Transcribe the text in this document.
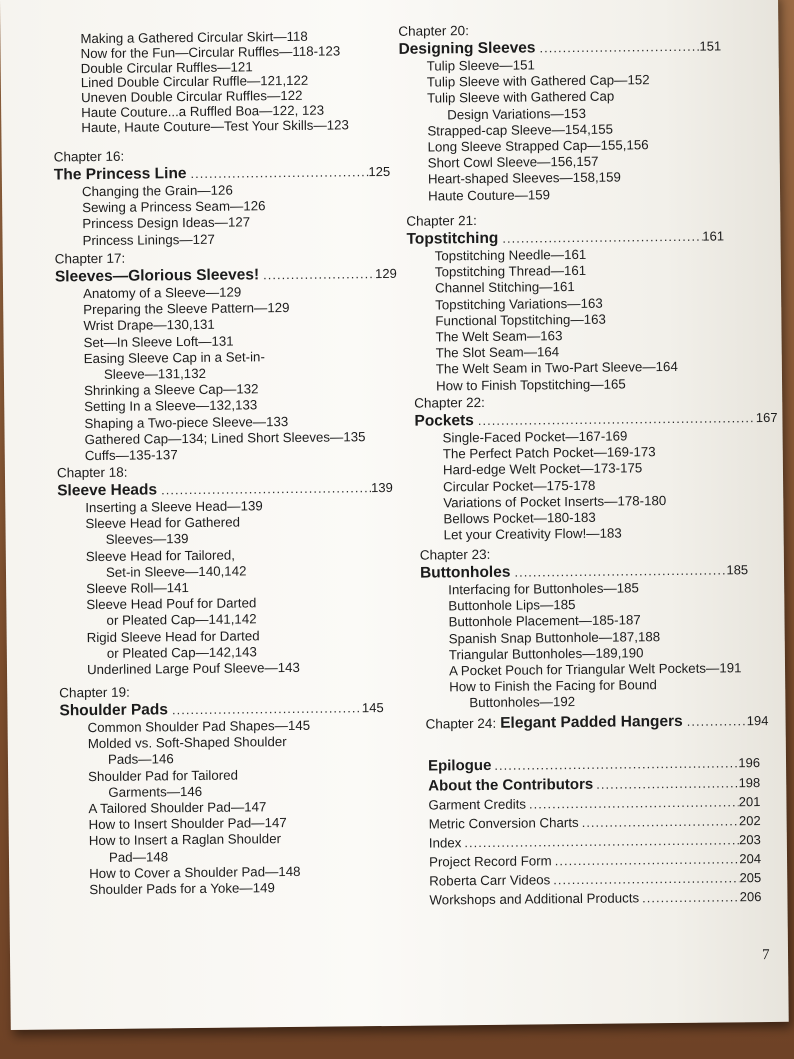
Making a Gathered Circular Skirt—118
Now for the Fun—Circular Ruffles—118-123
Double Circular Ruffles—121
Lined Double Circular Ruffle—121,122
Uneven Double Circular Ruffles—122
Haute Couture...a Ruffled Boa—122, 123
Haute, Haute Couture—Test Your Skills—123
Chapter 16:
The Princess Line .....	125
Changing the Grain—126
Sewing a Princess Seam—126
Princess Design Ideas—127
Princess Linings—127
Chapter 17:
Sleeves—Glorious Sleeves! .....	129
Anatomy of a Sleeve—129
Preparing the Sleeve Pattern—129
Wrist Drape—130,131
Set—In Sleeve Loft—131
Easing Sleeve Cap in a Set-in-
Sleeve—131,132
Shrinking a Sleeve Cap—132
Setting In a Sleeve—132,133
Shaping a Two-piece Sleeve—133
Gathered Cap—134; Lined Short Sleeves—135
Cuffs—135-137
Chapter 18:
Sleeve Heads .....	139
Inserting a Sleeve Head—139
Sleeve Head for Gathered
Sleeves—139
Sleeve Head for Tailored,
Set-in Sleeve—140,142
Sleeve Roll—141
Sleeve Head Pouf for Darted
or Pleated Cap—141,142
Rigid Sleeve Head for Darted
or Pleated Cap—142,143
Underlined Large Pouf Sleeve—143
Chapter 19:
Shoulder Pads .....	145
Common Shoulder Pad Shapes—145
Molded vs. Soft-Shaped Shoulder
Pads—146
Shoulder Pad for Tailored
Garments—146
A Tailored Shoulder Pad—147
How to Insert Shoulder Pad—147
How to Insert a Raglan Shoulder
Pad—148
How to Cover a Shoulder Pad—148
Shoulder Pads for a Yoke—149
Chapter 20:
Designing Sleeves .....	151
Tulip Sleeve—151
Tulip Sleeve with Gathered Cap—152
Tulip Sleeve with Gathered Cap
Design Variations—153
Strapped-cap Sleeve—154,155
Long Sleeve Strapped Cap—155,156
Short Cowl Sleeve—156,157
Heart-shaped Sleeves—158,159
Haute Couture—159
Chapter 21:
Topstitching .....	161
Topstitching Needle—161
Topstitching Thread—161
Channel Stitching—161
Topstitching Variations—163
Functional Topstitching—163
The Welt Seam—163
The Slot Seam—164
The Welt Seam in Two-Part Sleeve—164
How to Finish Topstitching—165
Chapter 22:
Pockets .....	167
Single-Faced Pocket—167-169
The Perfect Patch Pocket—169-173
Hard-edge Welt Pocket—173-175
Circular Pocket—175-178
Variations of Pocket Inserts—178-180
Bellows Pocket—180-183
Let your Creativity Flow!—183
Chapter 23:
Buttonholes .....	185
Interfacing for Buttonholes—185
Buttonhole Lips—185
Buttonhole Placement—185-187
Spanish Snap Buttonhole—187,188
Triangular Buttonholes—189,190
A Pocket Pouch for Triangular Welt Pockets—191
How to Finish the Facing for Bound
Buttonholes—192
Chapter 24: Elegant Padded Hangers .....	194
Epilogue .....	196
About the Contributors .....	198
Garment Credits .....	201
Metric Conversion Charts .....	202
Index .....	203
Project Record Form .....	204
Roberta Carr Videos .....	205
Workshops and Additional Products .....	206
7
